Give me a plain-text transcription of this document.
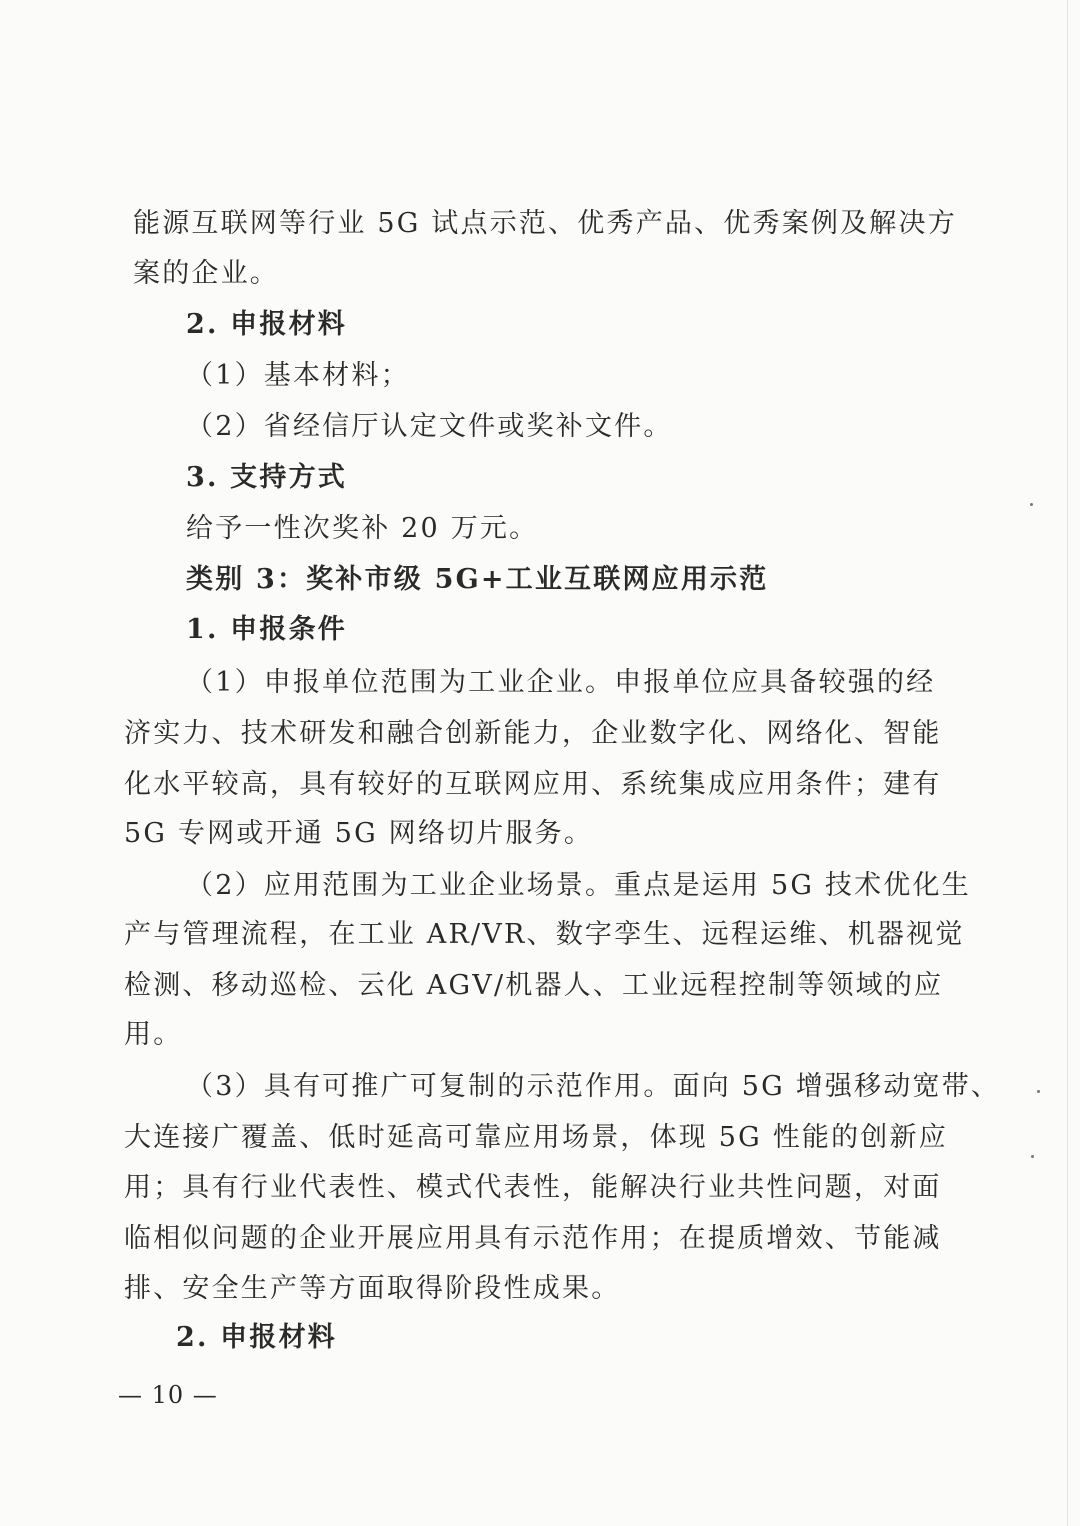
能源互联网等行业 5G 试点示范、优秀产品、优秀案例及解决方
案的企业。
2. 申报材料
（1）基本材料；
（2）省经信厅认定文件或奖补文件。
3. 支持方式
给予一性次奖补 20 万元。
类别 3：奖补市级 5G+工业互联网应用示范
1. 申报条件
（1）申报单位范围为工业企业。申报单位应具备较强的经
济实力、技术研发和融合创新能力，企业数字化、网络化、智能
化水平较高，具有较好的互联网应用、系统集成应用条件；建有
5G 专网或开通 5G 网络切片服务。
（2）应用范围为工业企业场景。重点是运用 5G 技术优化生
产与管理流程，在工业 AR/VR、数字孪生、远程运维、机器视觉
检测、移动巡检、云化 AGV/机器人、工业远程控制等领域的应
用。
（3）具有可推广可复制的示范作用。面向 5G 增强移动宽带、
大连接广覆盖、低时延高可靠应用场景，体现 5G 性能的创新应
用；具有行业代表性、模式代表性，能解决行业共性问题，对面
临相似问题的企业开展应用具有示范作用；在提质增效、节能减
排、安全生产等方面取得阶段性成果。
2. 申报材料
— 10 —
